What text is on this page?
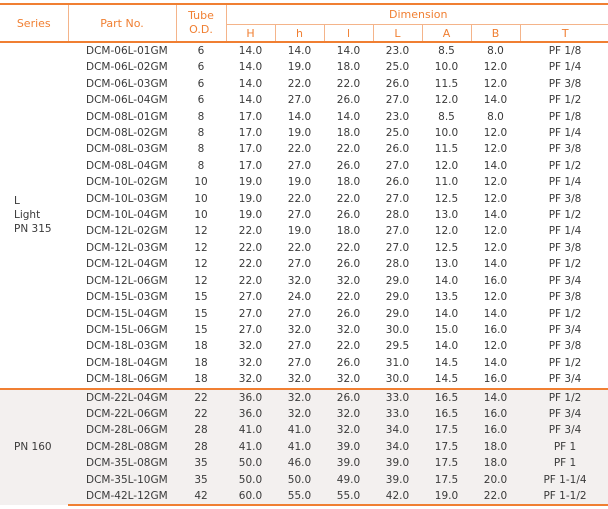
Series	Part No.	Tube
O.D.	Dimension						
			H	h	l	L	A	B	T

L
Light
PN 315	DCM-06L-01GM	6	14.0	14.0	14.0	23.0	8.5	8.0	PF 1/8
	DCM-06L-02GM	6	14.0	19.0	18.0	25.0	10.0	12.0	PF 1/4
	DCM-06L-03GM	6	14.0	22.0	22.0	26.0	11.5	12.0	PF 3/8
	DCM-06L-04GM	6	14.0	27.0	26.0	27.0	12.0	14.0	PF 1/2
	DCM-08L-01GM	8	17.0	14.0	14.0	23.0	8.5	8.0	PF 1/8
	DCM-08L-02GM	8	17.0	19.0	18.0	25.0	10.0	12.0	PF 1/4
	DCM-08L-03GM	8	17.0	22.0	22.0	26.0	11.5	12.0	PF 3/8
	DCM-08L-04GM	8	17.0	27.0	26.0	27.0	12.0	14.0	PF 1/2
	DCM-10L-02GM	10	19.0	19.0	18.0	26.0	11.0	12.0	PF 1/4
	DCM-10L-03GM	10	19.0	22.0	22.0	27.0	12.5	12.0	PF 3/8
	DCM-10L-04GM	10	19.0	27.0	26.0	28.0	13.0	14.0	PF 1/2
	DCM-12L-02GM	12	22.0	19.0	18.0	27.0	12.0	12.0	PF 1/4
	DCM-12L-03GM	12	22.0	22.0	22.0	27.0	12.5	12.0	PF 3/8
	DCM-12L-04GM	12	22.0	27.0	26.0	28.0	13.0	14.0	PF 1/2
	DCM-12L-06GM	12	22.0	32.0	32.0	29.0	14.0	16.0	PF 3/4
	DCM-15L-03GM	15	27.0	24.0	22.0	29.0	13.5	12.0	PF 3/8
	DCM-15L-04GM	15	27.0	27.0	26.0	29.0	14.0	14.0	PF 1/2
	DCM-15L-06GM	15	27.0	32.0	32.0	30.0	15.0	16.0	PF 3/4
	DCM-18L-03GM	18	32.0	27.0	22.0	29.5	14.0	12.0	PF 3/8
	DCM-18L-04GM	18	32.0	27.0	26.0	31.0	14.5	14.0	PF 1/2
	DCM-18L-06GM	18	32.0	32.0	32.0	30.0	14.5	16.0	PF 3/4

PN 160	DCM-22L-04GM	22	36.0	32.0	26.0	33.0	16.5	14.0	PF 1/2
	DCM-22L-06GM	22	36.0	32.0	32.0	33.0	16.5	16.0	PF 3/4
	DCM-28L-06GM	28	41.0	41.0	32.0	34.0	17.5	16.0	PF 3/4
	DCM-28L-08GM	28	41.0	41.0	39.0	34.0	17.5	18.0	PF 1
	DCM-35L-08GM	35	50.0	46.0	39.0	39.0	17.5	18.0	PF 1
	DCM-35L-10GM	35	50.0	50.0	49.0	39.0	17.5	20.0	PF 1-1/4
	DCM-42L-12GM	42	60.0	55.0	55.0	42.0	19.0	22.0	PF 1-1/2
